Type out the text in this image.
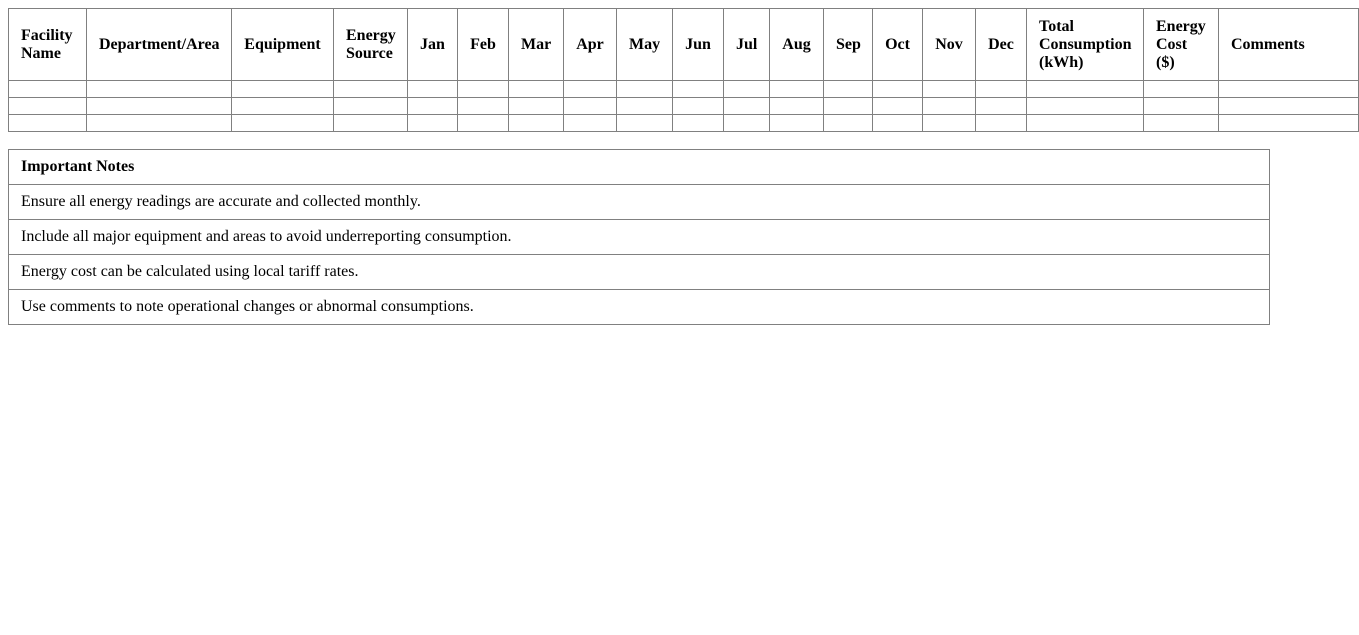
Facility Name	Department/Area	Equipment	Energy Source	Jan	Feb	Mar	Apr	May	Jun	Jul	Aug	Sep	Oct	Nov	Dec	Total Consumption (kWh)	Energy Cost ($)	Comments

Important Notes
Ensure all energy readings are accurate and collected monthly.
Include all major equipment and areas to avoid underreporting consumption.
Energy cost can be calculated using local tariff rates.
Use comments to note operational changes or abnormal consumptions.
